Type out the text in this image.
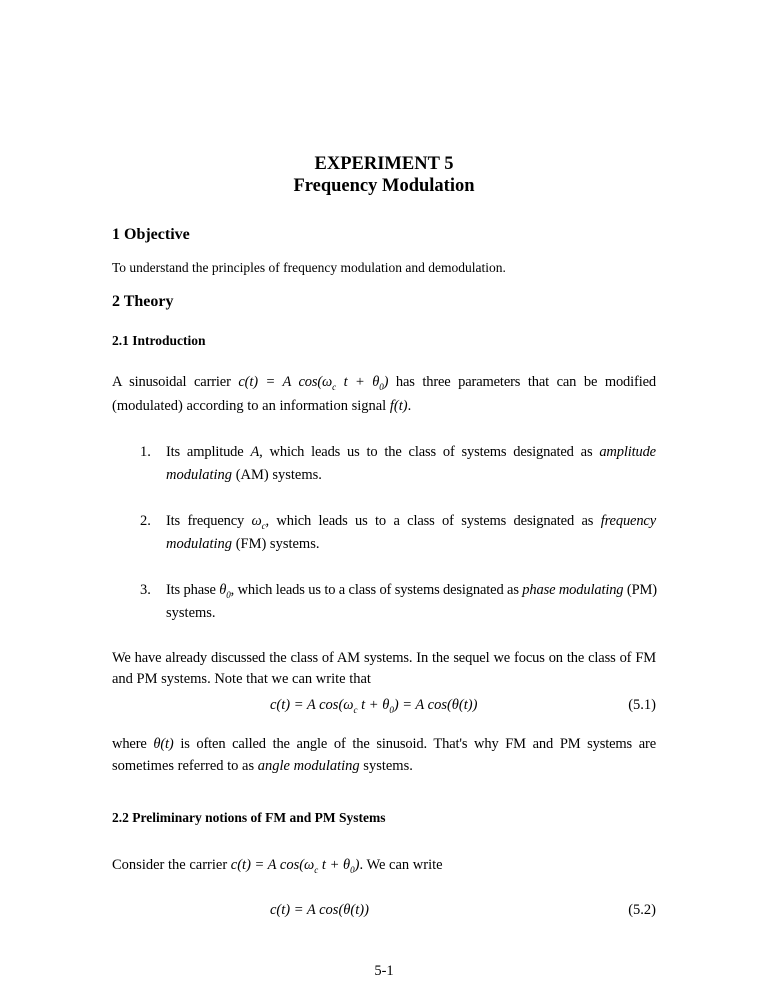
EXPERIMENT 5
Frequency Modulation
1 Objective
To understand the principles of frequency modulation and demodulation.
2 Theory
2.1 Introduction
A sinusoidal carrier c(t) = A $\cos(\omega_c$ $t + \theta_0$) has three parameters that can be modified
(modulated) according to an information signal f(t).
1.	Its amplitude A, which leads us to the class of systems designated as amplitude
modulating (AM) systems.
2.	Its frequency $\omega_c$, which leads us to a class of systems designated as frequency
modulating (FM) systems.
3.	Its phase $\theta_0$, which leads us to a class of systems designated as phase modulating (PM)
systems.
We have already discussed the class of AM systems. In the sequel we focus on the class of FM
and PM systems. Note that we can write that
c(t) = A $\cos(\omega_c$ $t + \theta_0) = A$ cos(θ(t))	(5.1)
where θ(t) is often called the angle of the sinusoid. That's why FM and PM systems are
sometimes referred to as angle modulating systems.
2.2 Preliminary notions of FM and PM Systems
Consider the carrier c(t) = A $\cos(\omega_c$ $t + \theta_0$). We can write
c(t) = A cos(θ(t))	(5.2)
5-1
